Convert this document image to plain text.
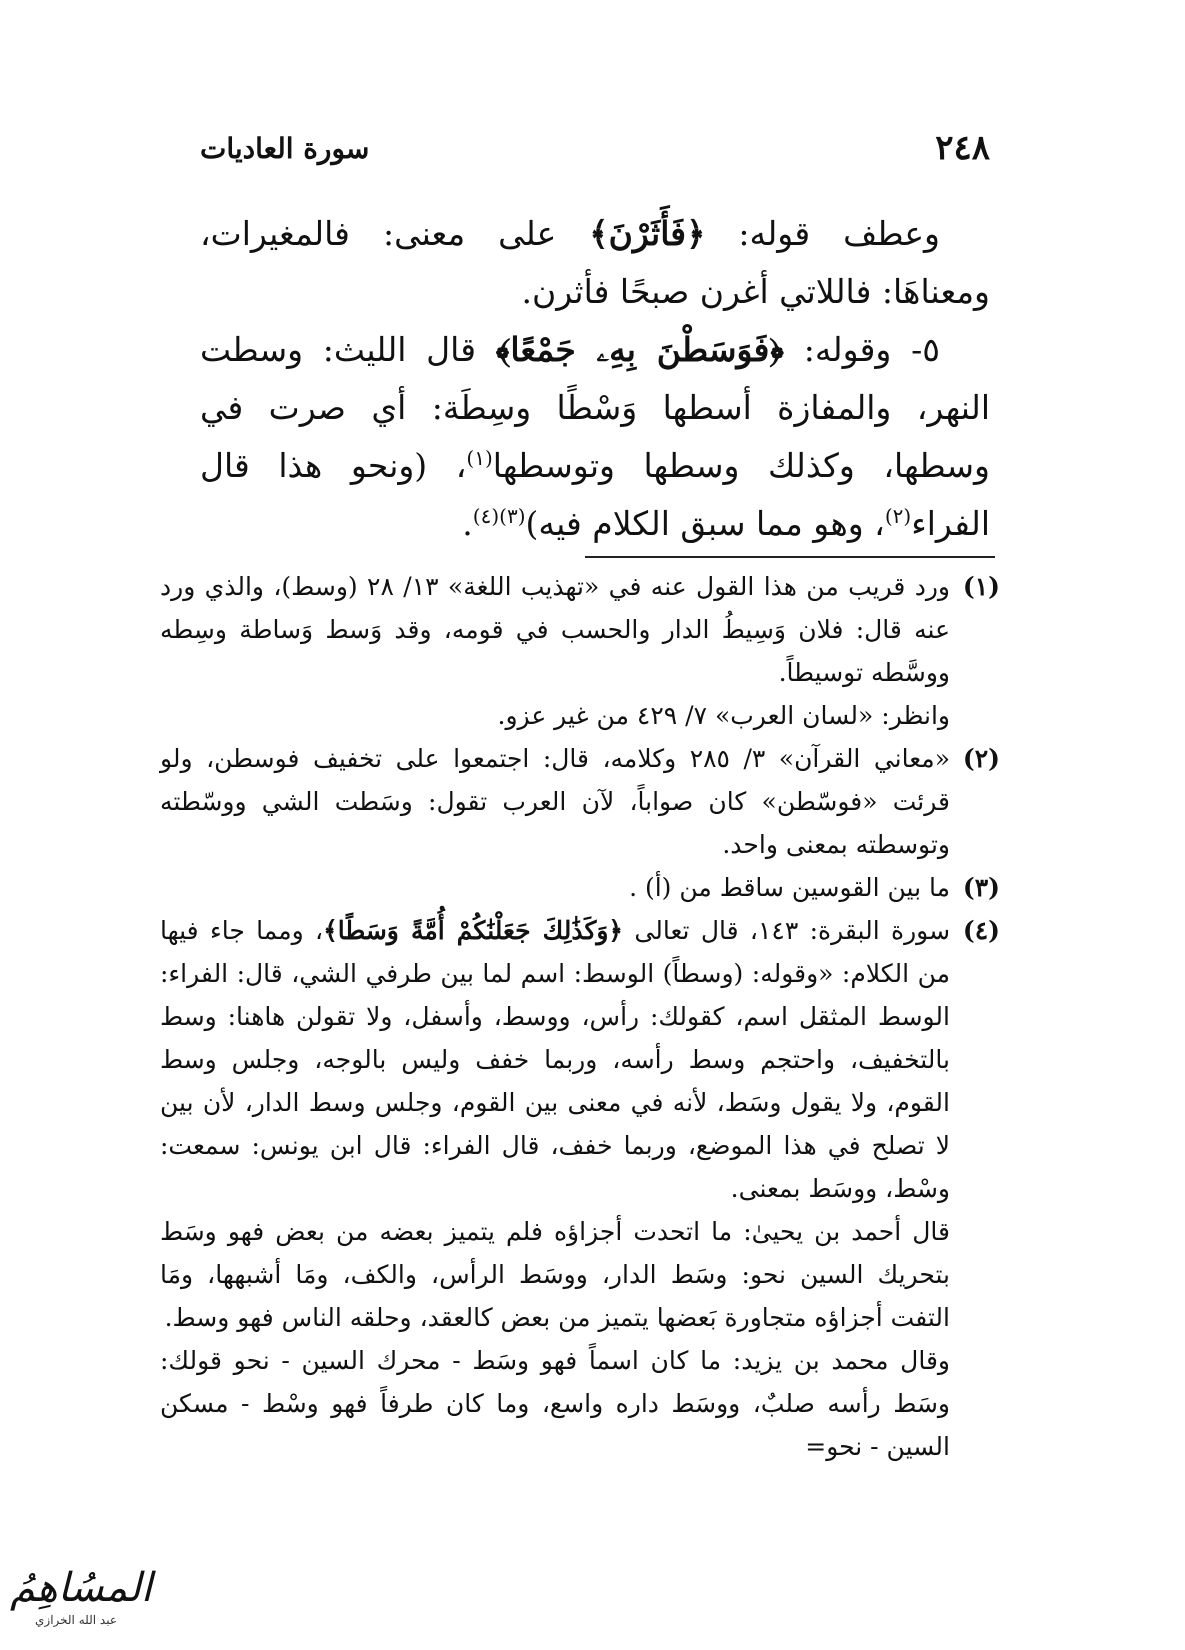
سورة العاديات	٢٤٨

وعطف قوله: ﴿فَأَثَرْنَ﴾ على معنى: فالمغيرات، ومعناهَا: فاللاتي أغرن صبحًا فأثرن.

٥- وقوله: ﴿فَوَسَطْنَ بِهِۦ جَمْعًا﴾ قال الليث: وسطت النهر، والمفازة أسطها وَسْطًا وسِطَة: أي صرت في وسطها، وكذلك وسطها وتوسطها$^{(١)}$، (ونحو هذا قال الفراء$^{(٢)}$، وهو مما سبق الكلام فيه)$^{(٣)(٤)}$.

(١)

ورد قريب من هذا القول عنه في «تهذيب اللغة» ١٣/ ٢٨ (وسط)، والذي ورد عنه قال: فلان وَسِيطُ الدار والحسب في قومه، وقد وَسط وَساطة وسِطه ووسَّطه توسيطاً.

وانظر: «لسان العرب» ٧/ ٤٢٩ من غير عزو.

(٢)
«معاني القرآن» ٣/ ٢٨٥ وكلامه، قال: اجتمعوا على تخفيف فوسطن، ولو قرئت «فوسّطن» كان صواباً، لآن العرب تقول: وسَطت الشي ووسّطته وتوسطته بمعنى واحد.
(٣)
ما بين القوسين ساقط من (أ) .
(٤)
سورة البقرة: ١٤٣، قال تعالى ﴿وَكَذَٰلِكَ جَعَلْنَٰكُمْ أُمَّةً وَسَطًا﴾، ومما جاء فيها من الكلام: «وقوله: (وسطاً) الوسط: اسم لما بين طرفي الشي، قال: الفراء: الوسط المثقل اسم، كقولك: رأس، ووسط، وأسفل، ولا تقولن هاهنا: وسط بالتخفيف، واحتجم وسط رأسه، وربما خفف وليس بالوجه، وجلس وسط القوم، ولا يقول وسَط، لأنه في معنى بين القوم، وجلس وسط الدار، لأن بين لا تصلح في هذا الموضع، وربما خفف، قال الفراء: قال ابن يونس: سمعت: وسْط، ووسَط بمعنى.

قال أحمد بن يحيىٰ: ما اتحدت أجزاؤه فلم يتميز بعضه من بعض فهو وسَط بتحريك السين نحو: وسَط الدار، ووسَط الرأس، والكف، ومَا أشبهها، ومَا التفت أجزاؤه متجاورة بَعضها يتميز من بعض كالعقد، وحلقه الناس فهو وسط.

وقال محمد بن يزيد: ما كان اسماً فهو وسَط - محرك السين - نحو قولك: وسَط رأسه صلبٌ، ووسَط داره واسع، وما كان طرفاً فهو وسْط - مسكن السين - نحو=

المسُاهِمُ
عبد الله الخرازي
